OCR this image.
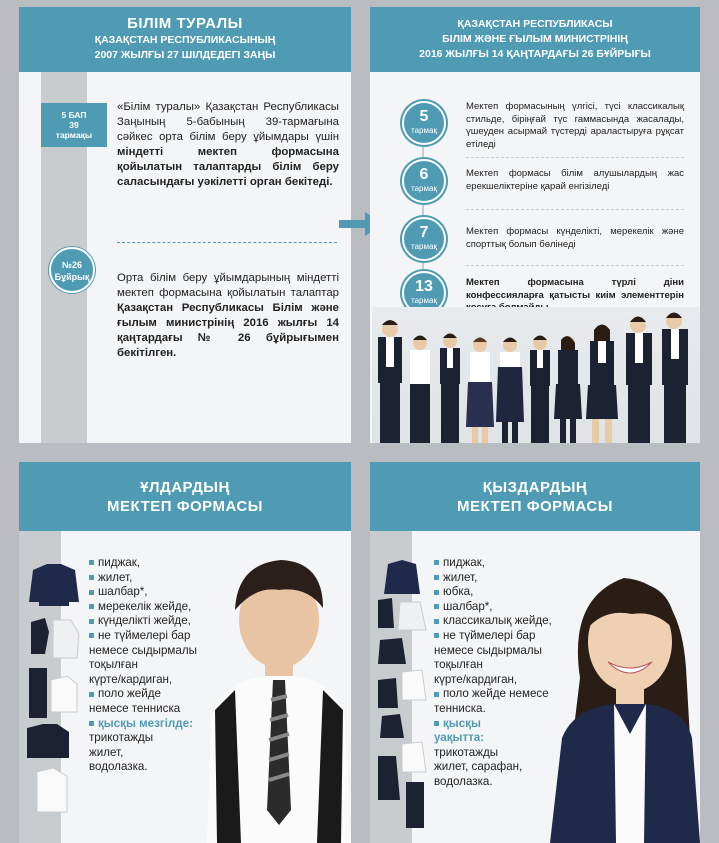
БІЛІМ ТУРАЛЫ
ҚАЗАҚСТАН РЕСПУБЛИКАСЫНЫҢ
2007 ЖЫЛҒЫ 27 ШІЛДЕДЕГІ ЗАҢЫ
5 БАП
39
тармақы

«Білім туралы» Қазақстан Республикасы Заңының 5-бабының 39-тармағына сәйкес орта білім беру ұйымдары үшін міндетті мектеп формасына қойылатын талаптарды білім беру саласындағы уәкілетті орган бекітеді.

№26
Бұйрық	Орта білім беру ұйымдарының міндетті мектеп формасына қойылатын талаптар Қазақстан Республикасы Білім және ғылым министрінің 2016 жылғы 14 қаңтардағы № 26 бұйрығымен бекітілген.

ҚАЗАҚСТАН РЕСПУБЛИКАСЫ
БІЛІМ ЖӘНЕ ҒЫЛЫМ МИНИСТРІНІҢ
2016 ЖЫЛҒЫ 14 ҚАҢТАРДАҒЫ 26 БҰЙРЫҒЫ
5
тармақ

Мектеп формасының үлгісі, түсі классикалық стильде, біріңғай түс гаммасында жасалады, үшеуден асырмай түстерді араластыруға рұқсат етіледі

6
тармақ

Мектеп формасы білім алушылардың жас ерекшеліктеріне қарай енгізіледі

7
тармақ

Мектеп формасы күнделікті, мерекелік және спорттық болып бөлінеді

13
тармақ

Мектеп формасына түрлі діни конфессияларға қатысты киім элементтерін

ҰЛДАРДЫҢ
МЕКТЕП ФОРМАСЫ
пиджак,
жилет,
шалбар*,
мерекелік жейде,
күнделікті жейде,
не түймелері бар
немесе сыдырмалы
тоқылған
күрте/кардиган,
поло жейде
немесе тенниска
қысқы мезгілде:
трикотажды
жилет,
водолазка.
ҚЫЗДАРДЫҢ
МЕКТЕП ФОРМАСЫ
пиджак,
жилет,
юбка,
шалбар*,
классикалық жейде,
не түймелері бар
немесе сыдырмалы
тоқылған
күрте/кардиган,
поло жейде немесе
тенниска.
қысқы
уақытта:
трикотажды
жилет, сарафан,
водолазка.
